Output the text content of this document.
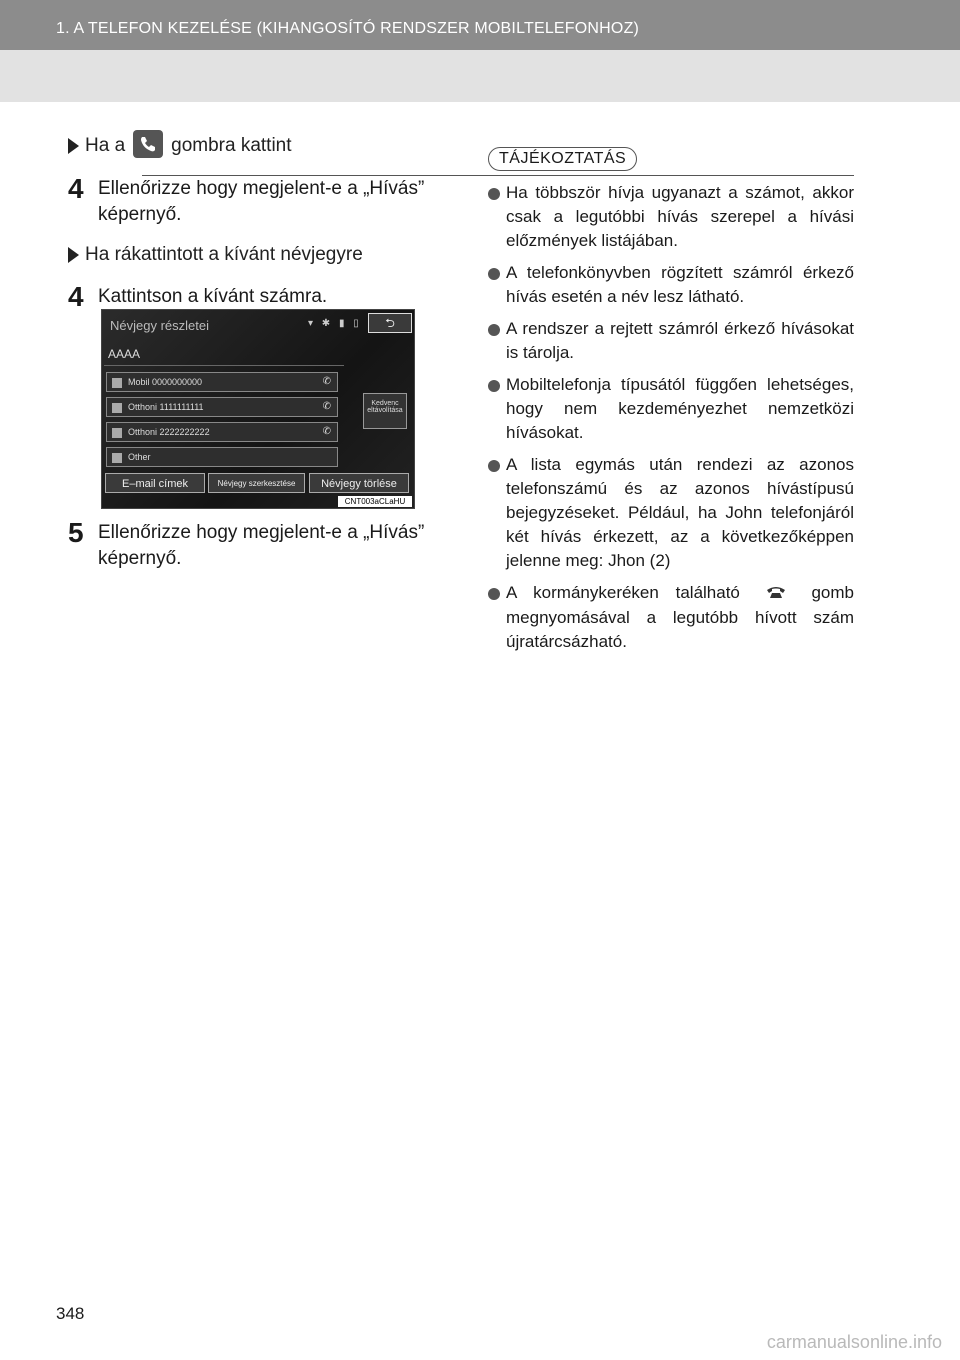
1. A TELEFON KEZELÉSE (KIHANGOSÍTÓ RENDSZER MOBILTELEFONHOZ)
Ha a gombra kattint
4 Ellenőrizze hogy megjelent-e a „Hívás” képernyő.
Ha rákattintott a kívánt névjegyre
4 Kattintson a kívánt számra.
Névjegy részletei	▾ ✱ ▮ ▯	⮌
AAAA
Mobil 0000000000	✆
Otthoni 1111111111	✆
Otthoni 2222222222	✆
Other
Kedvenc eltávolítása
E–mail címek	Névjegy szerkesztése	Névjegy törlése
CNT003aCLaHU
5 Ellenőrizze hogy megjelent-e a „Hívás” képernyő.
TÁJÉKOZTATÁS
Ha többször hívja ugyanazt a számot, akkor csak a legutóbbi hívás szerepel a hívási előzmények listájában.
A telefonkönyvben rögzített számról érkező hívás esetén a név lesz látható.
A rendszer a rejtett számról érkező hívásokat is tárolja.
Mobiltelefonja típusától függően lehetséges, hogy nem kezdeményezhet nemzetközi hívásokat.
A lista egymás után rendezi az azonos telefonszámú és az azonos hívástípusú bejegyzéseket. Például, ha John telefonjáról két hívás érkezett, az a következőképpen jelenne meg: Jhon (2)
A kormánykeréken található	gomb megnyomásával a legutóbb hívott szám újratárcsázható.
348
carmanualsonline.info
